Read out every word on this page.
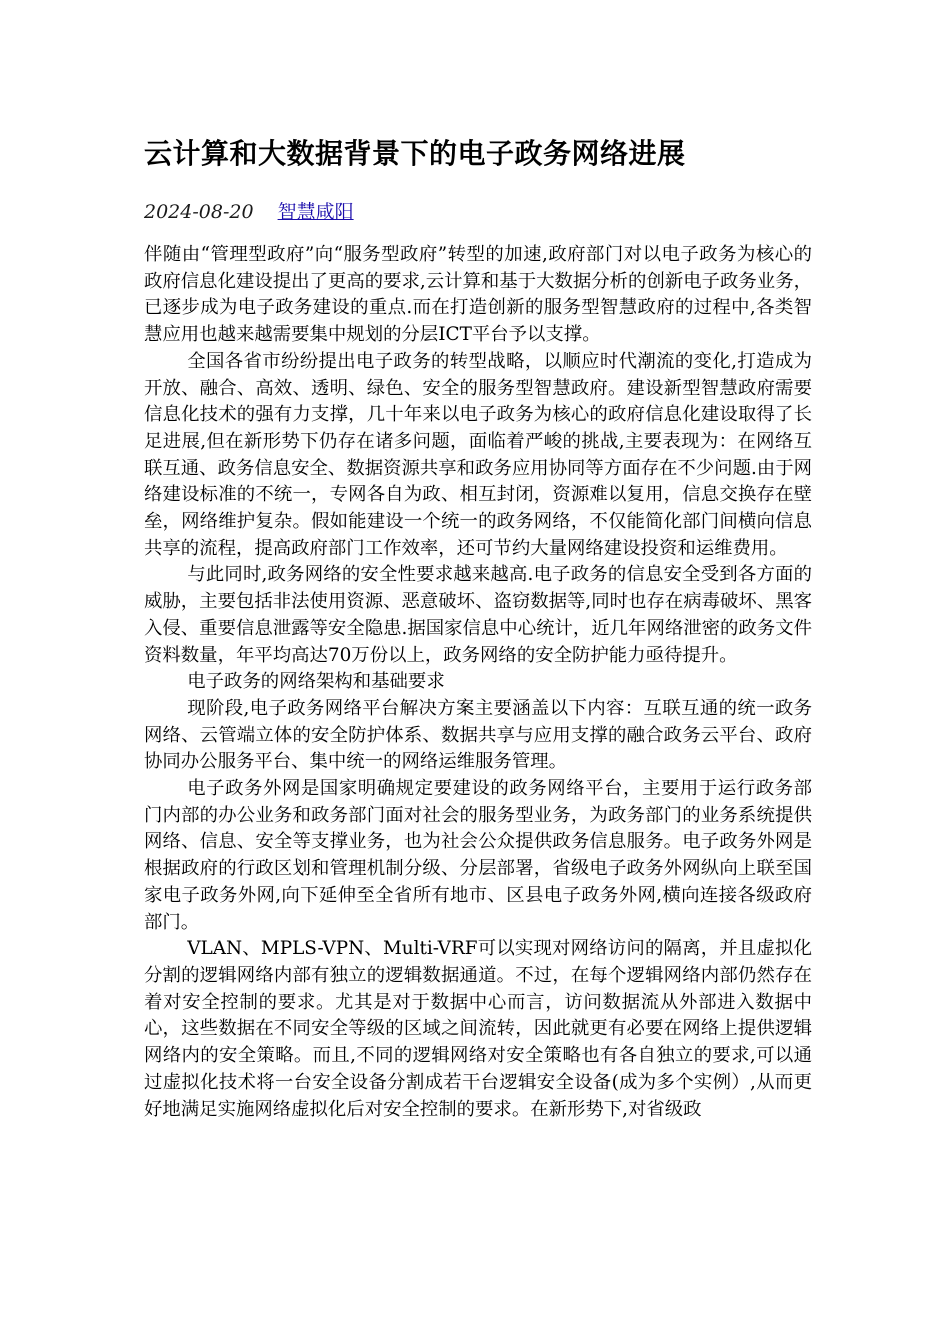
云计算和大数据背景下的电子政务网络进展
2024-08-20 智慧咸阳

伴随由“管理型政府”向“服务型政府”转型的加速,政府部门对以电子政务为核心的政府信息化建设提出了更高的要求,云计算和基于大数据分析的创新电子政务业务，已逐步成为电子政务建设的重点.而在打造创新的服务型智慧政府的过程中,各类智慧应用也越来越需要集中规划的分层ICT平台予以支撑。

全国各省市纷纷提出电子政务的转型战略，以顺应时代潮流的变化,打造成为开放、融合、高效、透明、绿色、安全的服务型智慧政府。建设新型智慧政府需要信息化技术的强有力支撑，几十年来以电子政务为核心的政府信息化建设取得了长足进展,但在新形势下仍存在诸多问题，面临着严峻的挑战,主要表现为：在网络互联互通、政务信息安全、数据资源共享和政务应用协同等方面存在不少问题.由于网络建设标准的不统一，专网各自为政、相互封闭，资源难以复用，信息交换存在壁垒，网络维护复杂。假如能建设一个统一的政务网络，不仅能简化部门间横向信息共享的流程，提高政府部门工作效率，还可节约大量网络建设投资和运维费用。

与此同时,政务网络的安全性要求越来越高.电子政务的信息安全受到各方面的威胁，主要包括非法使用资源、恶意破坏、盗窃数据等,同时也存在病毒破坏、黑客入侵、重要信息泄露等安全隐患.据国家信息中心统计，近几年网络泄密的政务文件资料数量，年平均高达70万份以上，政务网络的安全防护能力亟待提升。

电子政务的网络架构和基础要求

现阶段,电子政务网络平台解决方案主要涵盖以下内容：互联互通的统一政务网络、云管端立体的安全防护体系、数据共享与应用支撑的融合政务云平台、政府协同办公服务平台、集中统一的网络运维服务管理。

电子政务外网是国家明确规定要建设的政务网络平台，主要用于运行政务部门内部的办公业务和政务部门面对社会的服务型业务，为政务部门的业务系统提供网络、信息、安全等支撑业务，也为社会公众提供政务信息服务。电子政务外网是根据政府的行政区划和管理机制分级、分层部署，省级电子政务外网纵向上联至国家电子政务外网,向下延伸至全省所有地市、区县电子政务外网,横向连接各级政府部门。

VLAN、MPLS-VPN、Multi-VRF可以实现对网络访问的隔离，并且虚拟化分割的逻辑网络内部有独立的逻辑数据通道。不过，在每个逻辑网络内部仍然存在着对安全控制的要求。尤其是对于数据中心而言，访问数据流从外部进入数据中心，这些数据在不同安全等级的区域之间流转，因此就更有必要在网络上提供逻辑网络内的安全策略。而且,不同的逻辑网络对安全策略也有各自独立的要求,可以通过虚拟化技术将一台安全设备分割成若干台逻辑安全设备(成为多个实例）,从而更好地满足实施网络虚拟化后对安全控制的要求。在新形势下,对省级政
